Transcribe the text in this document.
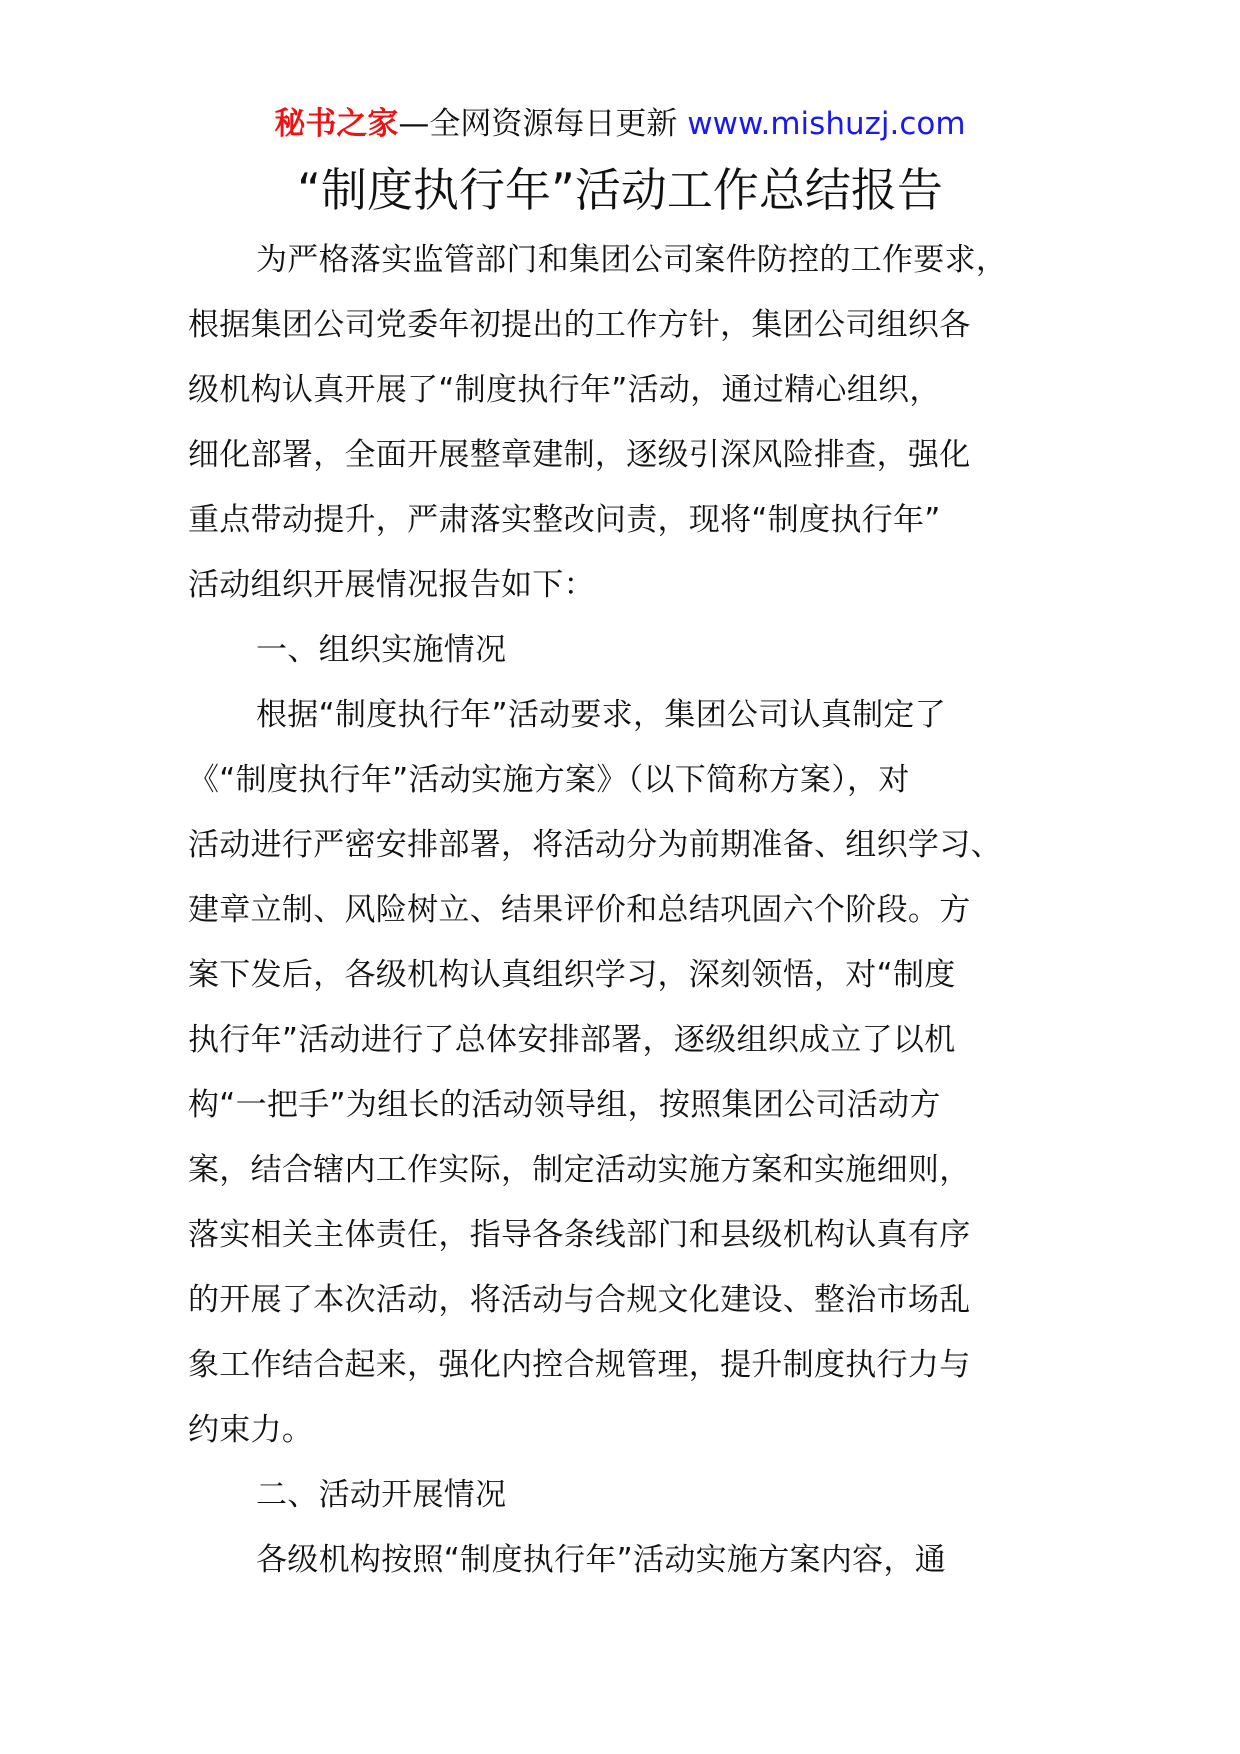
秘书之家—全网资源每日更新 www.mishuzj.com
“制度执行年”活动工作总结报告
为严格落实监管部门和集团公司案件防控的工作要求，
根据集团公司党委年初提出的工作方针，集团公司组织各
级机构认真开展了“制度执行年”活动，通过精心组织，
细化部署，全面开展整章建制，逐级引深风险排查，强化
重点带动提升，严肃落实整改问责，现将“制度执行年”
活动组织开展情况报告如下：
一、组织实施情况
根据“制度执行年”活动要求，集团公司认真制定了
《“制度执行年”活动实施方案》（以下简称方案），对
活动进行严密安排部署，将活动分为前期准备、组织学习、
建章立制、风险树立、结果评价和总结巩固六个阶段。方
案下发后，各级机构认真组织学习，深刻领悟，对“制度
执行年”活动进行了总体安排部署，逐级组织成立了以机
构“一把手”为组长的活动领导组，按照集团公司活动方
案，结合辖内工作实际，制定活动实施方案和实施细则，
落实相关主体责任，指导各条线部门和县级机构认真有序
的开展了本次活动，将活动与合规文化建设、整治市场乱
象工作结合起来，强化内控合规管理，提升制度执行力与
约束力。
二、活动开展情况
各级机构按照“制度执行年”活动实施方案内容，通
